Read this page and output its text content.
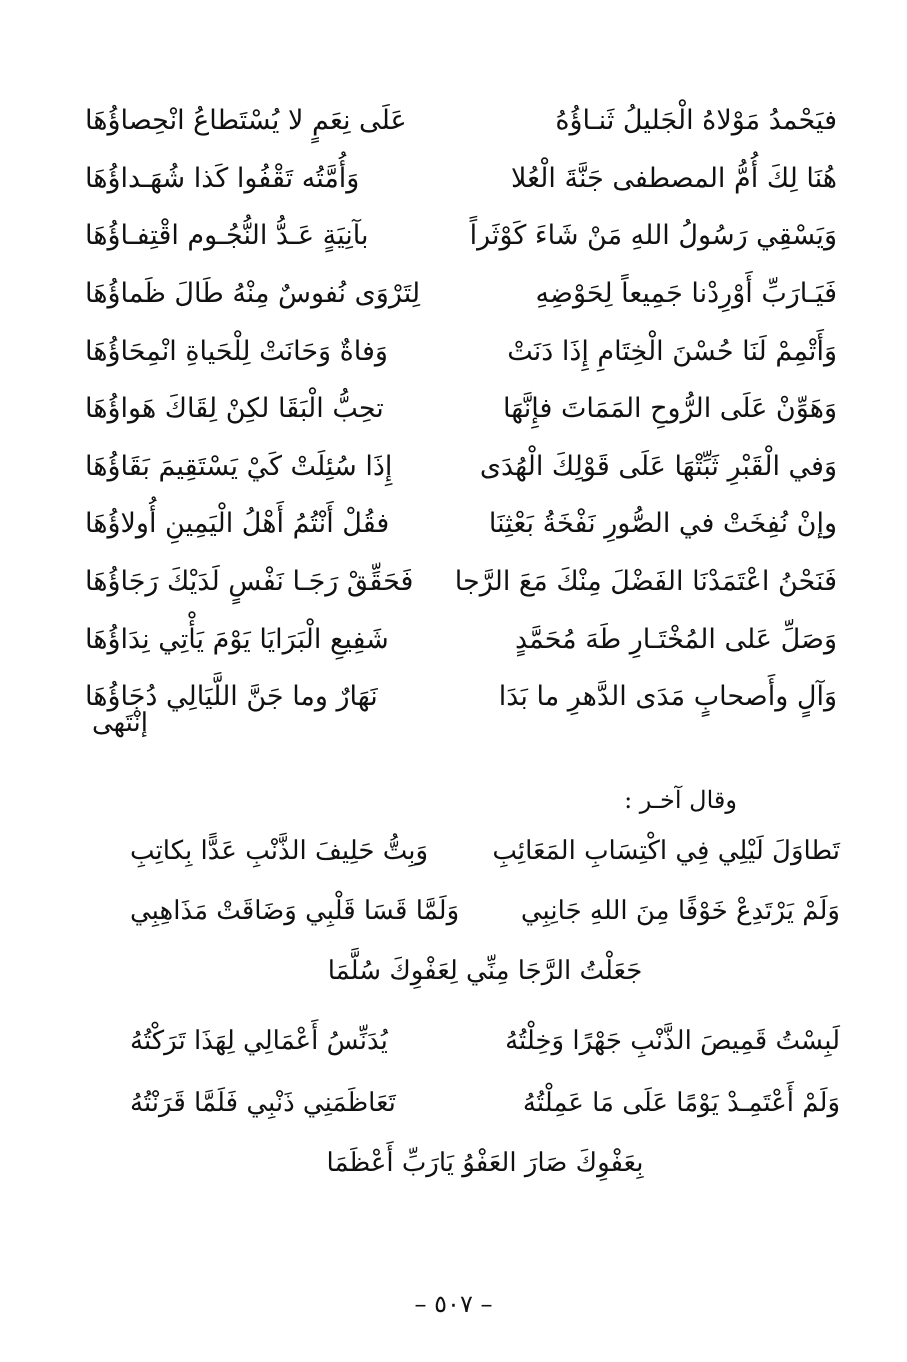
فيَحْمدُ مَوْلاهُ الْجَليلُ ثَنـاؤُهُ
عَلَى نِعَمٍ لا يُسْتَطاعُ انْحِصاؤُهَا
هُنَا لِكَ أُمُّ المصطفى جَنَّةَ الْعُلا
وَأُمَّتُه تَقْفُوا كَذا شُهَـداؤُهَا
وَيَسْقِي رَسُولُ اللهِ مَنْ شَاءَ كَوْثَراً
بآنِيَةٍ عَـدُّ النُّجُـوم اقْتِفـاؤُهَا
فَيَـارَبِّ أَوْرِدْنا جَمِيعاً لِحَوْضِهِ
لِتَرْوَى نُفوسٌ مِنْهُ طَالَ ظَماؤُهَا
وَأَتْمِمْ لَنَا حُسْنَ الْخِتَامِ إِذَا دَنَتْ
وَفاةٌ وَحَانَتْ لِلْحَياةِ انْمِحَاؤُهَا
وَهَوِّنْ عَلَى الرُّوحِ المَمَاتَ فإِنَّهَا
تحِبُّ الْبَقَا لكِنْ لِقَاكَ هَواؤُهَا
وَفي الْقَبْرِ ثَبِّتْهَا عَلَى قَوْلِكَ الْهُدَى
إِذَا سُئِلَتْ كَيْ يَسْتَقِيمَ بَقَاؤُهَا
وإنْ نُفِخَتْ في الصُّورِ نَفْخَةُ بَعْثِنَا
فقُلْ أَنْتُمُ أَهْلُ الْيَمِينِ أُولاؤُهَا
فَنَحْنُ اعْتَمَدْنَا الفَضْلَ مِنْكَ مَعَ الرَّجا
فَحَقِّقْ رَجَـا نَفْسٍ لَدَيْكَ رَجَاؤُهَا
وَصَلِّ عَلى المُخْتَـارِ طَهَ مُحَمَّدٍ
شَفِيعِ الْبَرَايَا يَوْمَ يَأْتِي نِدَاؤُهَا
وَآلٍ وأَصحابٍ مَدَى الدَّهرِ ما بَدَا
نَهَارٌ وما جَنَّ اللَّيَالِي دُجَاؤُهَا
إنْتَهى
وقال آخـر :
تَطاوَلَ لَيْلِي فِي اكْتِسَابِ المَعَائِبِ
وَبِتُّ حَلِيفَ الذَّنْبِ عَدًّا بِكاتِبِ
وَلَمْ يَرْتَدِعْ خَوْفًا مِنَ اللهِ جَانِبِي
وَلَمَّا قَسَا قَلْبِي وَضَاقَتْ مَذَاهِبِي
جَعَلْتُ الرَّجَا مِنِّي لِعَفْوِكَ سُلَّمَا
لَبِسْتُ قَمِيصَ الذَّنْبِ جَهْرًا وَخِلْتُهُ
يُدَنِّسُ أَعْمَالِي لِهَذَا تَرَكْتُهُ
وَلَمْ أَعْتَمِـدْ يَوْمًا عَلَى مَا عَمِلْتُهُ
تَعَاظَمَنِي ذَنْبِي فَلَمَّا قَرَنْتُهُ
بِعَفْوِكَ صَارَ العَفْوُ يَارَبِّ أَعْظَمَا
– ٥٠٧ –
